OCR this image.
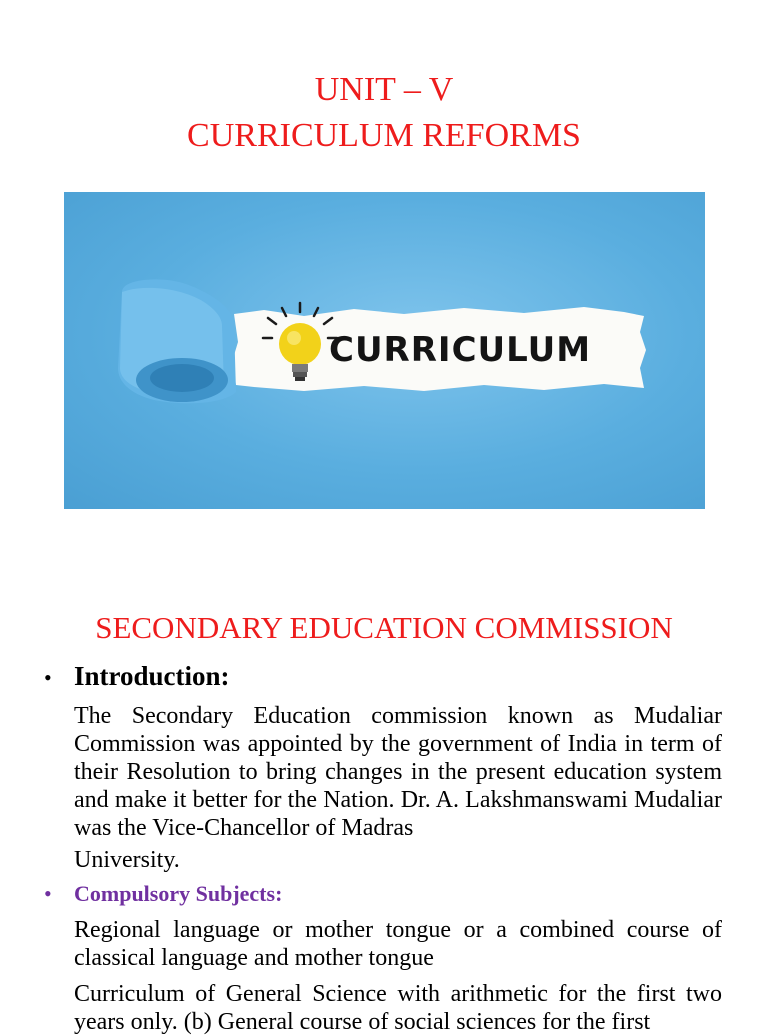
UNIT – V
CURRICULUM REFORMS
CURRICULUM
SECONDARY EDUCATION COMMISSION
• Introduction:

The Secondary Education commission known as Mudaliar Commission was appointed by the government of India in term of their Resolution to bring changes in the present education system and make it better for the Nation. Dr. A. Lakshmanswami Mudaliar was the Vice-Chancellor of Madras
University.

•	Compulsory Subjects:

Regional language or mother tongue or a combined course of classical language and mother tongue

Curriculum of General Science with arithmetic for the first two years only. (b) General course of social sciences for the first
